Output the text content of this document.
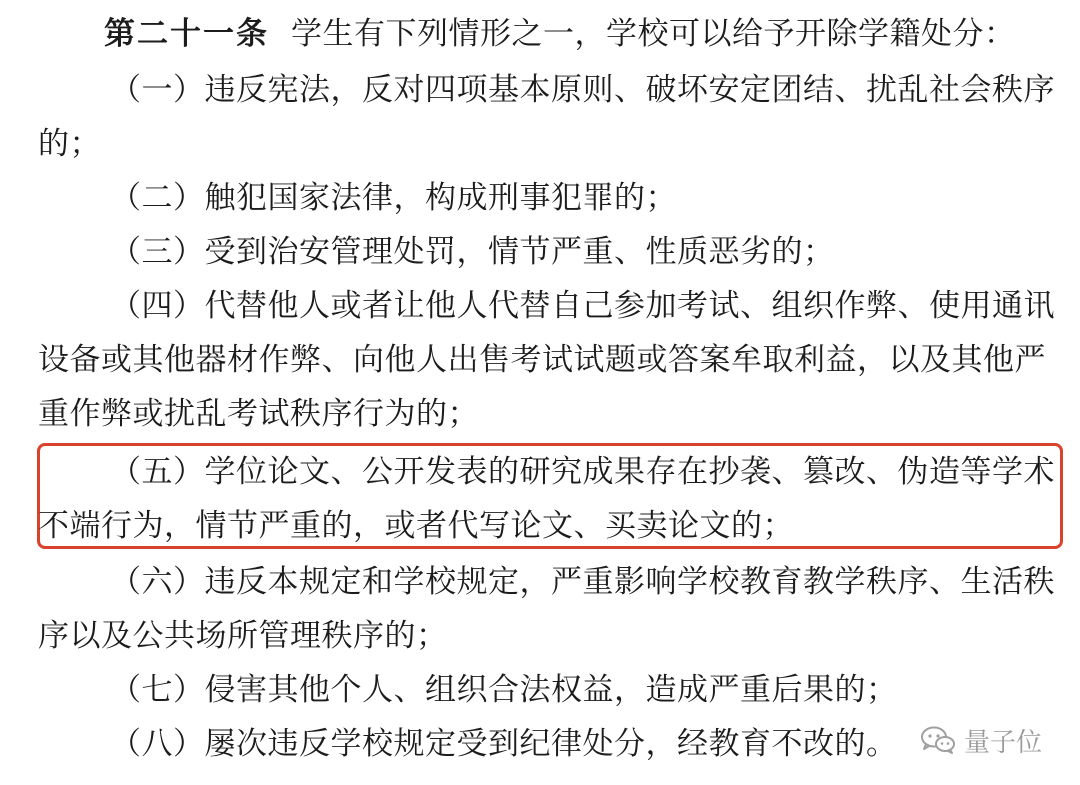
第二十一条 学生有下列情形之一，学校可以给予开除学籍处分：
（一）违反宪法，反对四项基本原则、破坏安定团结、扰乱社会秩序
的；
（二）触犯国家法律，构成刑事犯罪的；
（三）受到治安管理处罚，情节严重、性质恶劣的；
（四）代替他人或者让他人代替自己参加考试、组织作弊、使用通讯
设备或其他器材作弊、向他人出售考试试题或答案牟取利益，以及其他严
重作弊或扰乱考试秩序行为的；
（五）学位论文、公开发表的研究成果存在抄袭、篡改、伪造等学术
不端行为，情节严重的，或者代写论文、买卖论文的；
（六）违反本规定和学校规定，严重影响学校教育教学秩序、生活秩
序以及公共场所管理秩序的；
（七）侵害其他个人、组织合法权益，造成严重后果的；
（八）屡次违反学校规定受到纪律处分，经教育不改的。	量子位
